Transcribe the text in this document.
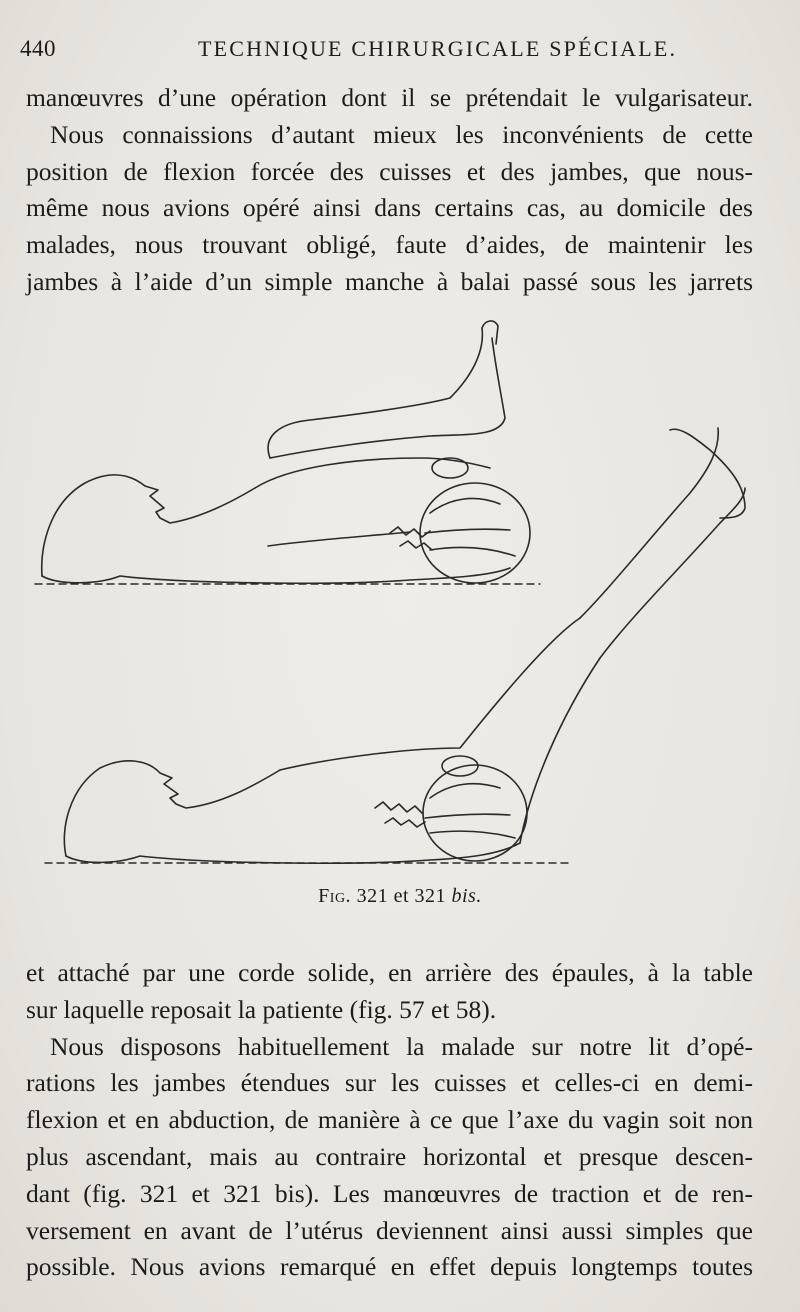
440	TECHNIQUE CHIRURGICALE SPÉCIALE.
manœuvres d’une opération dont il se prétendait le vulgarisateur.
Nous connaissions d’autant mieux les inconvénients de cette
position de flexion forcée des cuisses et des jambes, que nous-
même nous avions opéré ainsi dans certains cas, au domicile des
malades, nous trouvant obligé, faute d’aides, de maintenir les
jambes à l’aide d’un simple manche à balai passé sous les jarrets
Fig. 321 et 321 bis.
et attaché par une corde solide, en arrière des épaules, à la table
sur laquelle reposait la patiente (fig. 57 et 58).
Nous disposons habituellement la malade sur notre lit d’opé-
rations les jambes étendues sur les cuisses et celles-ci en demi-
flexion et en abduction, de manière à ce que l’axe du vagin soit non
plus ascendant, mais au contraire horizontal et presque descen-
dant (fig. 321 et 321 bis). Les manœuvres de traction et de ren-
versement en avant de l’utérus deviennent ainsi aussi simples que
possible. Nous avions remarqué en effet depuis longtemps toutes
